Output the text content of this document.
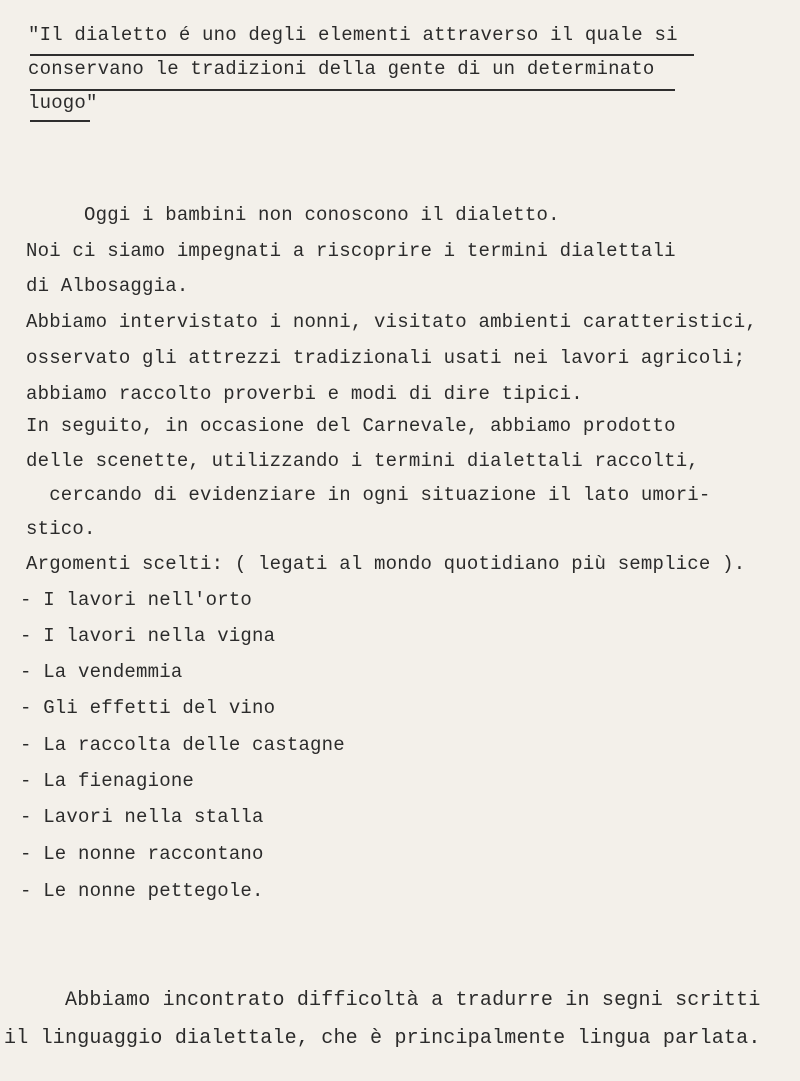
"Il dialetto é uno degli elementi attraverso il quale si
conservano le tradizioni della gente di un determinato
luogo"
Oggi i bambini non conoscono il dialetto.
Noi ci siamo impegnati a riscoprire i termini dialettali
di Albosaggia.
Abbiamo intervistato i nonni, visitato ambienti caratteristici,
osservato gli attrezzi tradizionali usati nei lavori agricoli;
abbiamo raccolto proverbi e modi di dire tipici.
In seguito, in occasione del Carnevale, abbiamo prodotto
delle scenette, utilizzando i termini dialettali raccolti,
cercando di evidenziare in ogni situazione il lato umori-
stico.
Argomenti scelti: ( legati al mondo quotidiano più semplice ).
- I lavori nell'orto
- I lavori nella vigna
- La vendemmia
- Gli effetti del vino
- La raccolta delle castagne
- La fienagione
- Lavori nella stalla
- Le nonne raccontano
- Le nonne pettegole.
Abbiamo incontrato difficoltà a tradurre in segni scritti
il linguaggio dialettale, che è principalmente lingua parlata.
